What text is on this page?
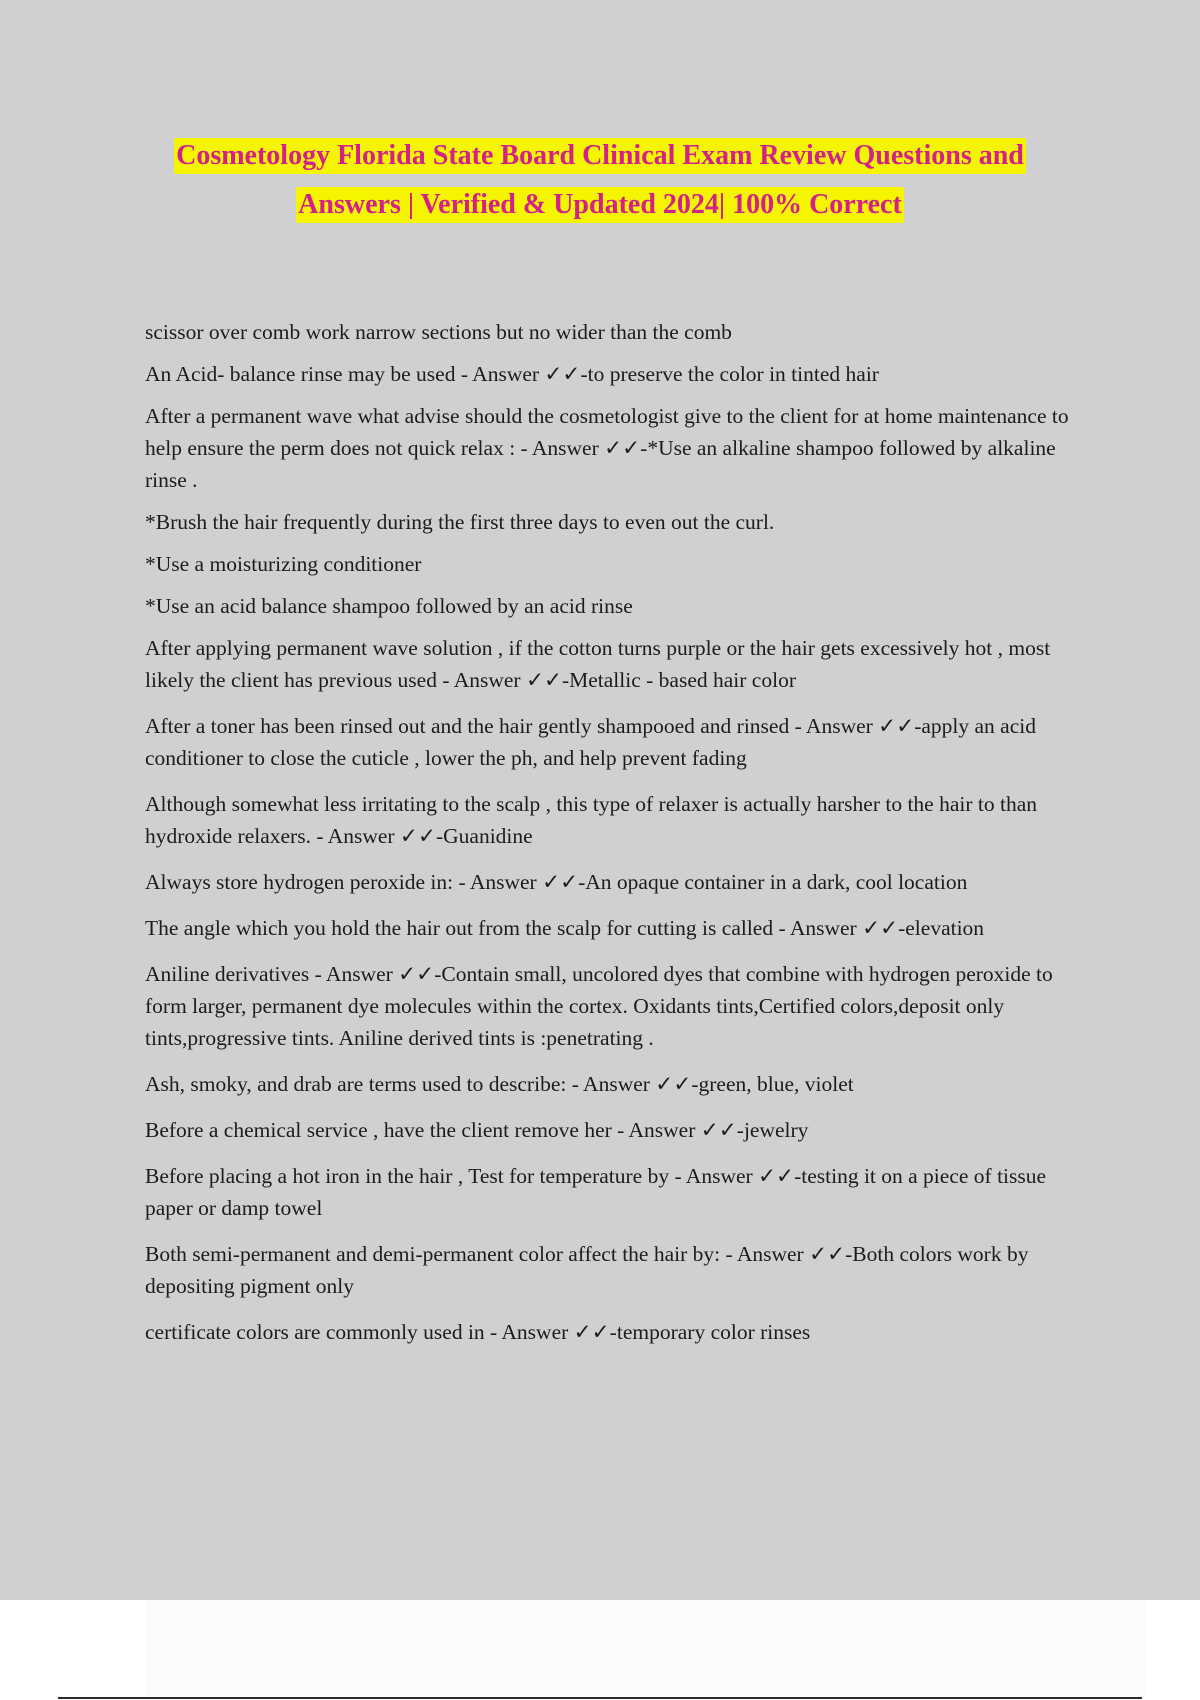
Cosmetology Florida State Board Clinical Exam Review Questions and
Answers | Verified & Updated 2024| 100% Correct

scissor over comb work narrow sections but no wider than the comb

An Acid- balance rinse may be used - Answer ✓✓-to preserve the color in tinted hair

After a permanent wave what advise should the cosmetologist give to the client for at home maintenance to help ensure the perm does not quick relax : - Answer ✓✓-*Use an alkaline shampoo followed by alkaline rinse .

*Brush the hair frequently during the first three days to even out the curl.

*Use a moisturizing conditioner

*Use an acid balance shampoo followed by an acid rinse

After applying permanent wave solution , if the cotton turns purple or the hair gets excessively hot , most likely the client has previous used - Answer ✓✓-Metallic - based hair color

After a toner has been rinsed out and the hair gently shampooed and rinsed - Answer ✓✓-apply an acid conditioner to close the cuticle , lower the ph, and help prevent fading

Although somewhat less irritating to the scalp , this type of relaxer is actually harsher to the hair to than hydroxide relaxers. - Answer ✓✓-Guanidine

Always store hydrogen peroxide in: - Answer ✓✓-An opaque container in a dark, cool location

The angle which you hold the hair out from the scalp for cutting is called - Answer ✓✓-elevation

Aniline derivatives - Answer ✓✓-Contain small, uncolored dyes that combine with hydrogen peroxide to form larger, permanent dye molecules within the cortex. Oxidants tints,Certified colors,deposit only tints,progressive tints. Aniline derived tints is :penetrating .

Ash, smoky, and drab are terms used to describe: - Answer ✓✓-green, blue, violet

Before a chemical service , have the client remove her - Answer ✓✓-jewelry

Before placing a hot iron in the hair , Test for temperature by - Answer ✓✓-testing it on a piece of tissue paper or damp towel

Both semi-permanent and demi-permanent color affect the hair by: - Answer ✓✓-Both colors work by depositing pigment only

certificate colors are commonly used in - Answer ✓✓-temporary color rinses
